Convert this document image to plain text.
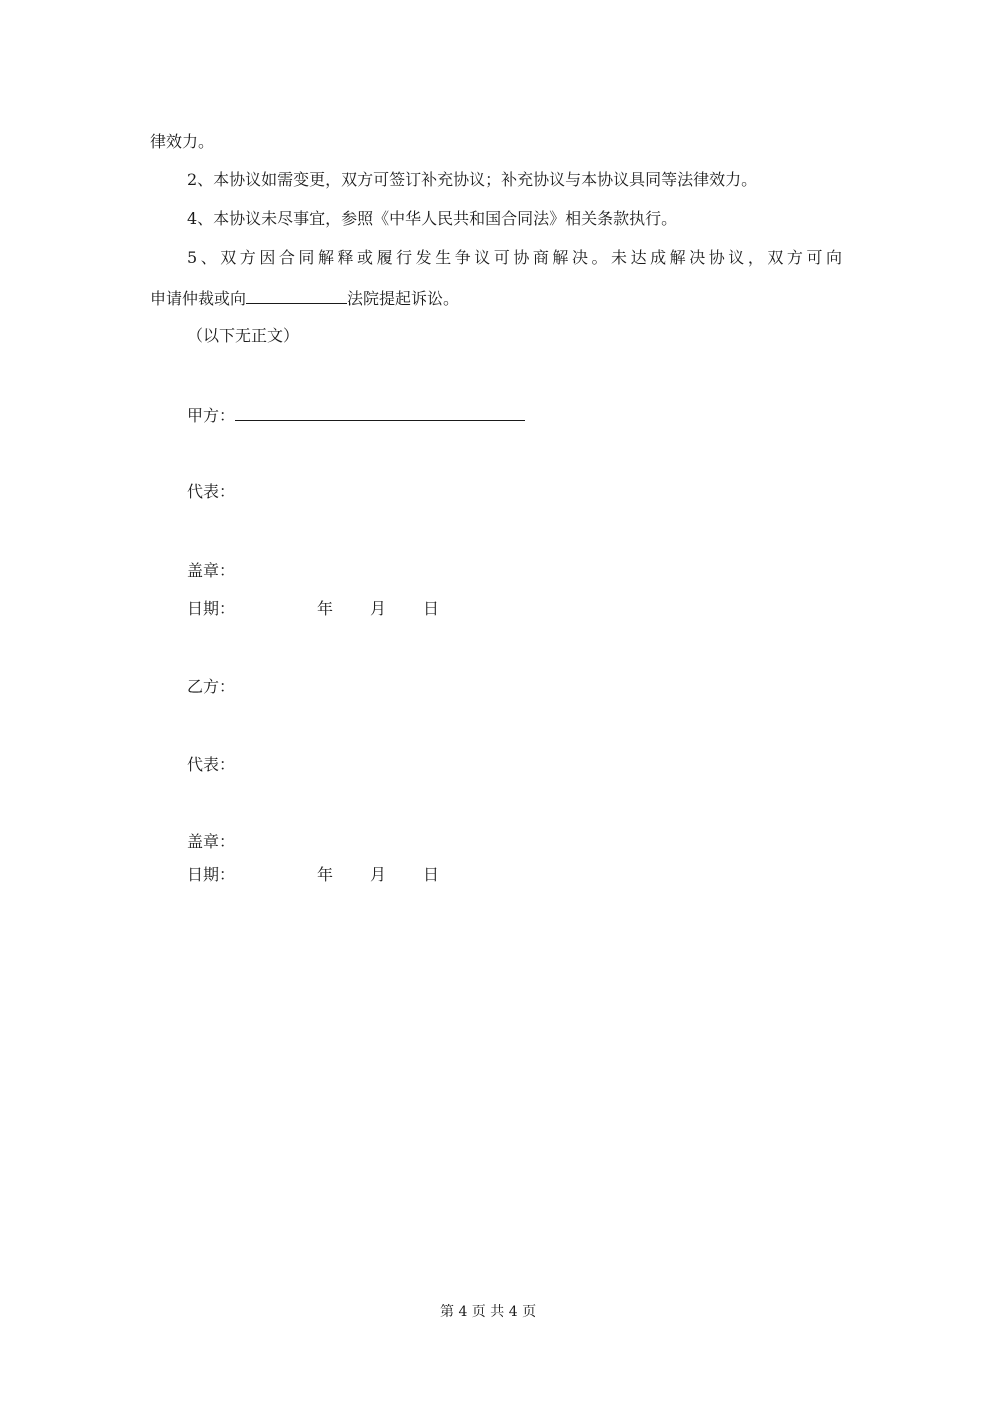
律效力。
2、本协议如需变更，双方可签订补充协议；补充协议与本协议具同等法律效力。
4、本协议未尽事宜，参照《中华人民共和国合同法》相关条款执行。
5、双方因合同解释或履行发生争议可协商解决。未达成解决协议，双方可向
申请仲裁或向	法院提起诉讼。
（以下无正文）
甲方：
代表：
盖章：
日期：	年 月 日
乙方：
代表：
盖章：
日期：	年 月 日
第 4 页 共 4 页
